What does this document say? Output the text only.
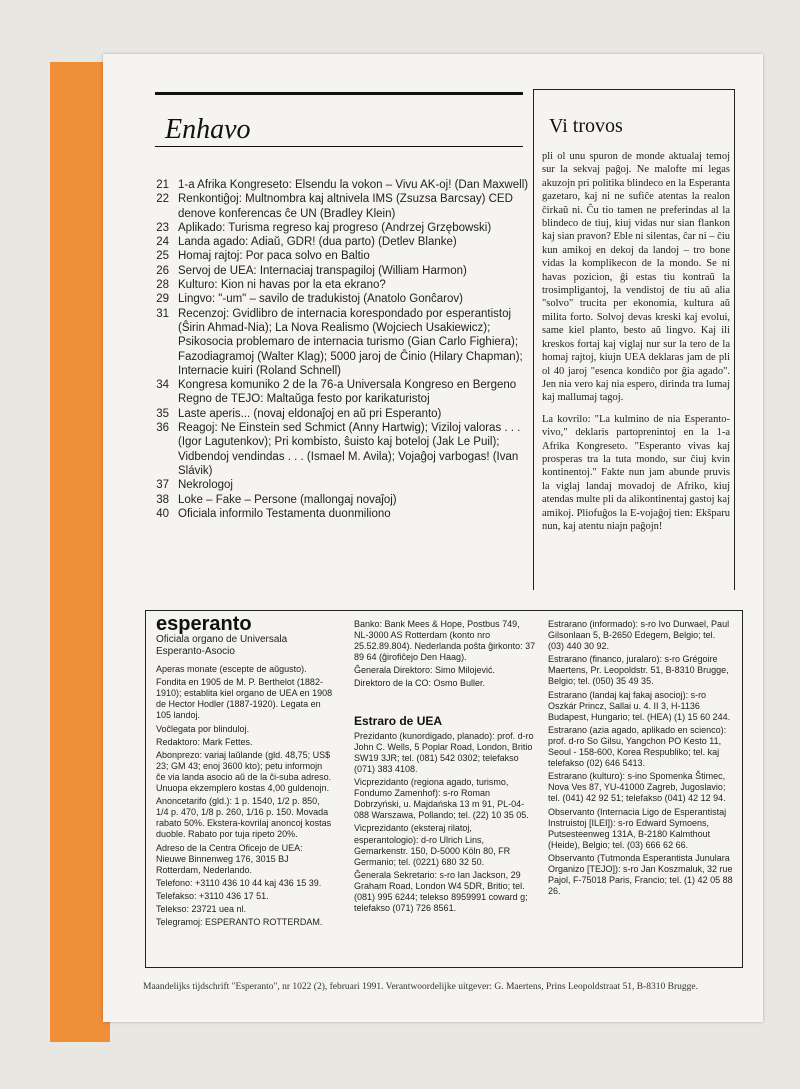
Enhavo
21 1-a Afrika Kongreseto: Elsendu la vokon – Vivu AK-oj! (Dan Maxwell)
22 Renkontiĝoj: Multnombra kaj altnivela IMS (Zsuzsa Barcsay) CED denove konferencas ĉe UN (Bradley Klein)
23 Aplikado: Turisma regreso kaj progreso (Andrzej Grzębowski)
24 Landa agado: Adiaŭ, GDR! (dua parto) (Detlev Blanke)
25 Homaj rajtoj: Por paca solvo en Baltio
26 Servoj de UEA: Internaciaj transpagiloj (William Harmon)
28 Kulturo: Kion ni havas por la eta ekrano?
29 Lingvo: "-um" – savilo de tradukistoj (Anatolo Gonĉarov)
31 Recenzoj: Gvidlibro de internacia korespondado por esperantistoj (Ŝirin Ahmad-Nia); La Nova Realismo (Wojciech Usakiewicz); Psikosocia problemaro de internacia turismo (Gian Carlo Fighiera); Fazodiagramoj (Walter Klag); 5000 jaroj de Ĉinio (Hilary Chapman); Internacie kuiri (Roland Schnell)
34 Kongresa komuniko 2 de la 76-a Universala Kongreso en Bergeno Regno de TEJO: Maltaŭga festo por karikaturistoj
35 Laste aperis... (novaj eldonaĵoj en aŭ pri Esperanto)
36 Reagoj: Ne Einstein sed Schmict (Anny Hartwig); Viziloj valoras . . . (Igor Lagutenkov); Pri kombisto, ŝuisto kaj boteloj (Jak Le Puil); Vidbendoj vendindas . . . (Ismael M. Avila); Vojaĝoj varbogas! (Ivan Slávik)
37 Nekrologoj
38 Loke – Fake – Persone (mallongaj novaĵoj)
40 Oficiala informilo Testamenta duonmiliono
Vi trovos

pli ol unu spuron de monde aktualaj temoj sur la sekvaj paĝoj. Ne malofte mi legas akuzojn pri politika blindeco en la Esperanta gazetaro, kaj ni ne sufiĉe atentas la realon ĉirkaŭ ni. Ĉu tio tamen ne preferindas al la blindeco de tiuj, kiuj vidas nur sian flankon kaj sian pravon? Eble ni silentas, ĉar ni – ĉiu kun amikoj en dekoj da landoj – tro bone vidas la komplikecon de la mondo. Se ni havas pozicion, ĝi estas tiu kontraŭ la trosimpligantoj, la vendistoj de tiu aŭ alia "solvo" trucita per ekonomia, kultura aŭ milita forto. Solvoj devas kreski kaj evolui, same kiel planto, besto aŭ lingvo. Kaj ili kreskos fortaj kaj viglaj nur sur la tero de la homaj rajtoj, kiujn UEA deklaras jam de pli ol 40 jaroj "esenca kondiĉo por ĝia agado". Jen nia vero kaj nia espero, dirinda tra lumaj kaj mallumaj tagoj.

La kovrilo: "La kulmino de nia Esperanto-vivo," deklaris partoprenintoj en la 1-a Afrika Kongreseto. "Esperanto vivas kaj prosperas tra la tuta mondo, sur ĉiuj kvin kontinentoj." Fakte nun jam abunde pruvis la viglaj landaj movadoj de Afriko, kiuj atendas multe pli da alikontinentaj gastoj kaj amikoj. Pliofuĝos la E-vojaĝoj tien: Ekŝparu nun, kaj atentu niajn paĝojn!

esperanto
Oficiala organo de Universala Esperanto-Asocio
Aperas monate (escepte de aŭgusto).
Fondita en 1905 de M. P. Berthelot (1882-1910); establita kiel organo de UEA en 1908 de Hector Hodler (1887-1920). Legata en 105 landoj.
Voĉlegata por blinduloj.
Redaktoro: Mark Fettes.
Abonprezo: variaj laŭlande (gld. 48,75; US$ 23; GM 43; enoj 3600 kto); petu informojn ĉe via landa asocio aŭ de la ĉi-suba adreso. Unuopa ekzemplero kostas 4,00 guldenojn.
Anoncetarifo (gld.): 1 p. 1540, 1/2 p. 850, 1/4 p. 470, 1/8 p. 260, 1/16 p. 150. Movada rabato 50%. Ekstera-kovrilaj anoncoj kostas duoble. Rabato por tuja ripeto 20%.
Adreso de la Centra Oficejo de UEA: Nieuwe Binnenweg 176, 3015 BJ Rotterdam, Nederlando.
Telefono: +3110 436 10 44 kaj 436 15 39.
Telefakso: +3110 436 17 51.
Telekso: 23721 uea nl.
Telegramoj: ESPERANTO ROTTERDAM.
Banko: Bank Mees & Hope, Postbus 749, NL-3000 AS Rotterdam (konto nro 25.52.89.804). Nederlanda poŝta ĝirkonto: 37 89 64 (ĝirofiĉejo Den Haag).
Ĝenerala Direktoro: Simo Milojević.
Direktoro de la CO: Osmo Buller.
Estraro de UEA
Prezidanto (kunordigado, planado): prof. d-ro John C. Wells, 5 Poplar Road, London, Britio SW19 3JR; tel. (081) 542 0302; telefakso (071) 383 4108.
Vicprezidanto (regiona agado, turismo, Fondumo Zamenhof): s-ro Roman Dobrzyński, u. Majdańska 13 m 91, PL-04-088 Warszawa, Pollando; tel. (22) 10 35 05.
Vicprezidanto (eksteraj rilatoj, esperantologio): d-ro Ulrich Lins, Gemarkenstr. 150, D-5000 Köln 80, FR Germanio; tel. (0221) 680 32 50.
Ĝenerala Sekretario: s-ro Ian Jackson, 29 Graham Road, London W4 5DR, Britio; tel. (081) 995 6244; telekso 8959991 coward g; telefakso (071) 726 8561.
Estrarano (informado): s-ro Ivo Durwael, Paul Gilsonlaan 5, B-2650 Edegem, Belgio; tel. (03) 440 30 92.
Estrarano (financo, juralaro): s-ro Grégoire Maertens, Pr. Leopoldstr. 51, B-8310 Brugge, Belgio; tel. (050) 35 49 35.
Estrarano (landaj kaj fakaj asocioj): s-ro Oszkár Princz, Sallai u. 4. II 3, H-1136 Budapest, Hungario; tel. (HEA) (1) 15 60 244.
Estrarano (azia agado, aplikado en scienco): prof. d-ro So Gilsu, Yangchon PO Kesto 11, Seoul - 158-600, Korea Respubliko; tel. kaj telefakso (02) 646 5413.
Estrarano (kulturo): s-ino Spomenka Štimec, Nova Ves 87, YU-41000 Zagreb, Jugoslavio; tel. (041) 42 92 51; telefakso (041) 42 12 94.
Observanto (Internacia Ligo de Esperantistaj Instruistoj [ILEI]): s-ro Edward Symoens, Putsesteenweg 131A, B-2180 Kalmthout (Heide), Belgio; tel. (03) 666 62 66.
Observanto (Tutmonda Esperantista Junulara Organizo [TEJO]): s-ro Jan Koszmaluk, 32 rue Pajol, F-75018 Paris, Francio; tel. (1) 42 05 88 26.
Maandelijks tijdschrift "Esperanto", nr 1022 (2), februari 1991. Verantwoordelijke uitgever: G. Maertens, Prins Leopoldstraat 51, B-8310 Brugge.
